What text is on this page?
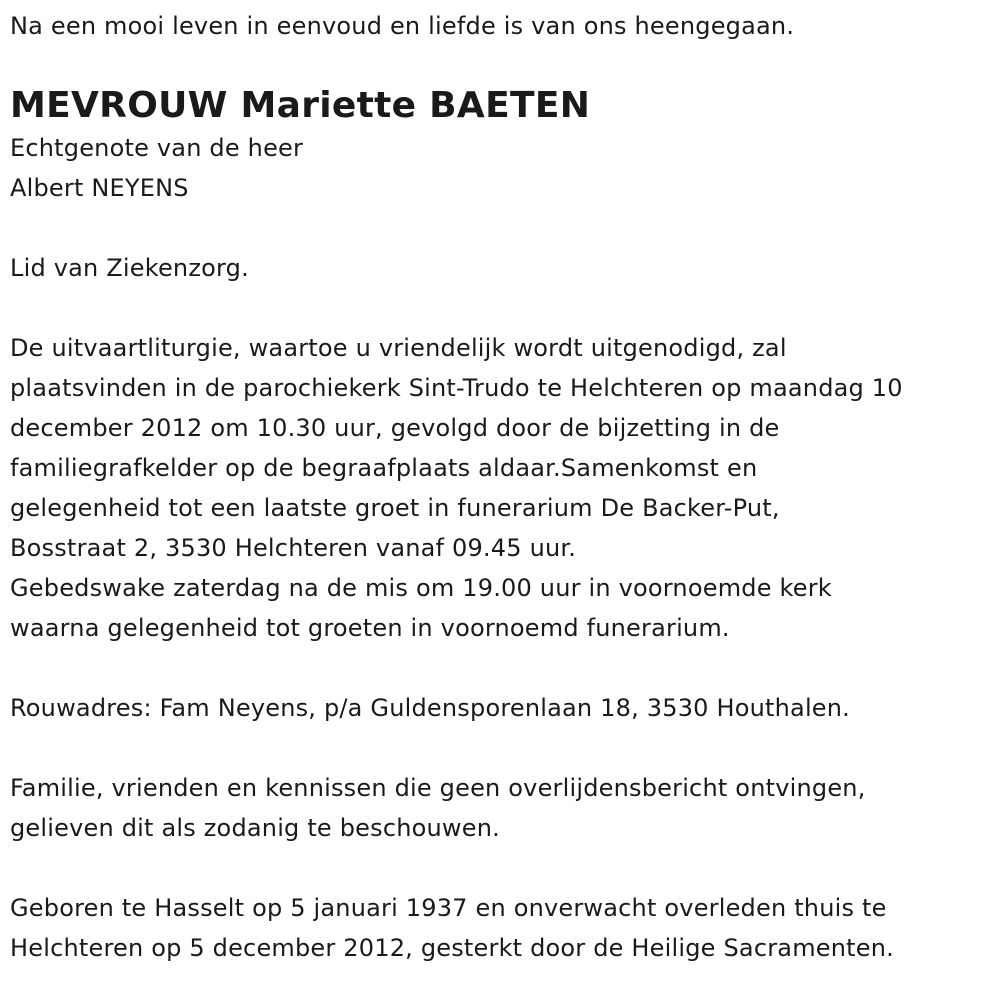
Na een mooi leven in eenvoud en liefde is van ons heengegaan.
MEVROUW Mariette BAETEN
Echtgenote van de heer
Albert NEYENS
Lid van Ziekenzorg.
De uitvaartliturgie, waartoe u vriendelijk wordt uitgenodigd, zal
plaatsvinden in de parochiekerk Sint-Trudo te Helchteren op maandag 10
december 2012 om 10.30 uur, gevolgd door de bijzetting in de
familiegrafkelder op de begraafplaats aldaar.Samenkomst en
gelegenheid tot een laatste groet in funerarium De Backer-Put,
Bosstraat 2, 3530 Helchteren vanaf 09.45 uur.
Gebedswake zaterdag na de mis om 19.00 uur in voornoemde kerk
waarna gelegenheid tot groeten in voornoemd funerarium.
Rouwadres: Fam Neyens, p/a Guldensporenlaan 18, 3530 Houthalen.
Familie, vrienden en kennissen die geen overlijdensbericht ontvingen,
gelieven dit als zodanig te beschouwen.
Geboren te Hasselt op 5 januari 1937 en onverwacht overleden thuis te
Helchteren op 5 december 2012, gesterkt door de Heilige Sacramenten.
